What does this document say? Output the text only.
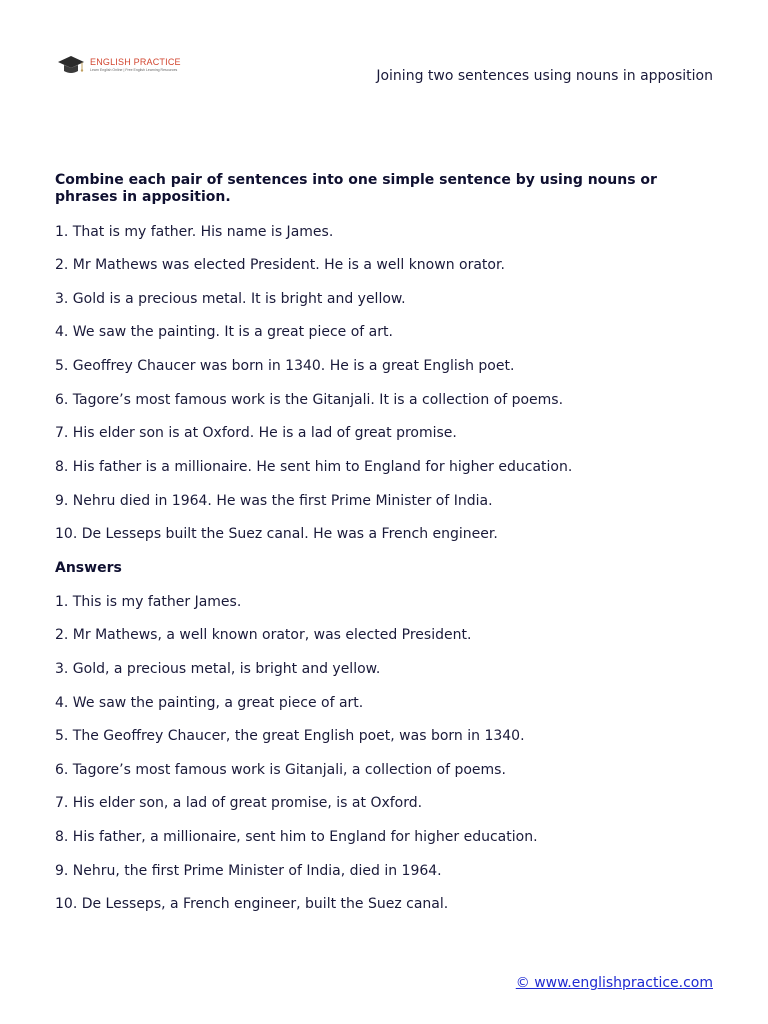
ENGLISH PRACTICE
Learn English Online | Free English Learning Resources	Joining two sentences using nouns in apposition
Combine each pair of sentences into one simple sentence by using nouns or phrases in apposition.
1. That is my father. His name is James.
2. Mr Mathews was elected President. He is a well known orator.
3. Gold is a precious metal. It is bright and yellow.
4. We saw the painting. It is a great piece of art.
5. Geoffrey Chaucer was born in 1340. He is a great English poet.
6. Tagore’s most famous work is the Gitanjali. It is a collection of poems.
7. His elder son is at Oxford. He is a lad of great promise.
8. His father is a millionaire. He sent him to England for higher education.
9. Nehru died in 1964. He was the first Prime Minister of India.
10. De Lesseps built the Suez canal. He was a French engineer.
Answers
1. This is my father James.
2. Mr Mathews, a well known orator, was elected President.
3. Gold, a precious metal, is bright and yellow.
4. We saw the painting, a great piece of art.
5. The Geoffrey Chaucer, the great English poet, was born in 1340.
6. Tagore’s most famous work is Gitanjali, a collection of poems.
7. His elder son, a lad of great promise, is at Oxford.
8. His father, a millionaire, sent him to England for higher education.
9. Nehru, the first Prime Minister of India, died in 1964.
10. De Lesseps, a French engineer, built the Suez canal.
© www.englishpractice.com
